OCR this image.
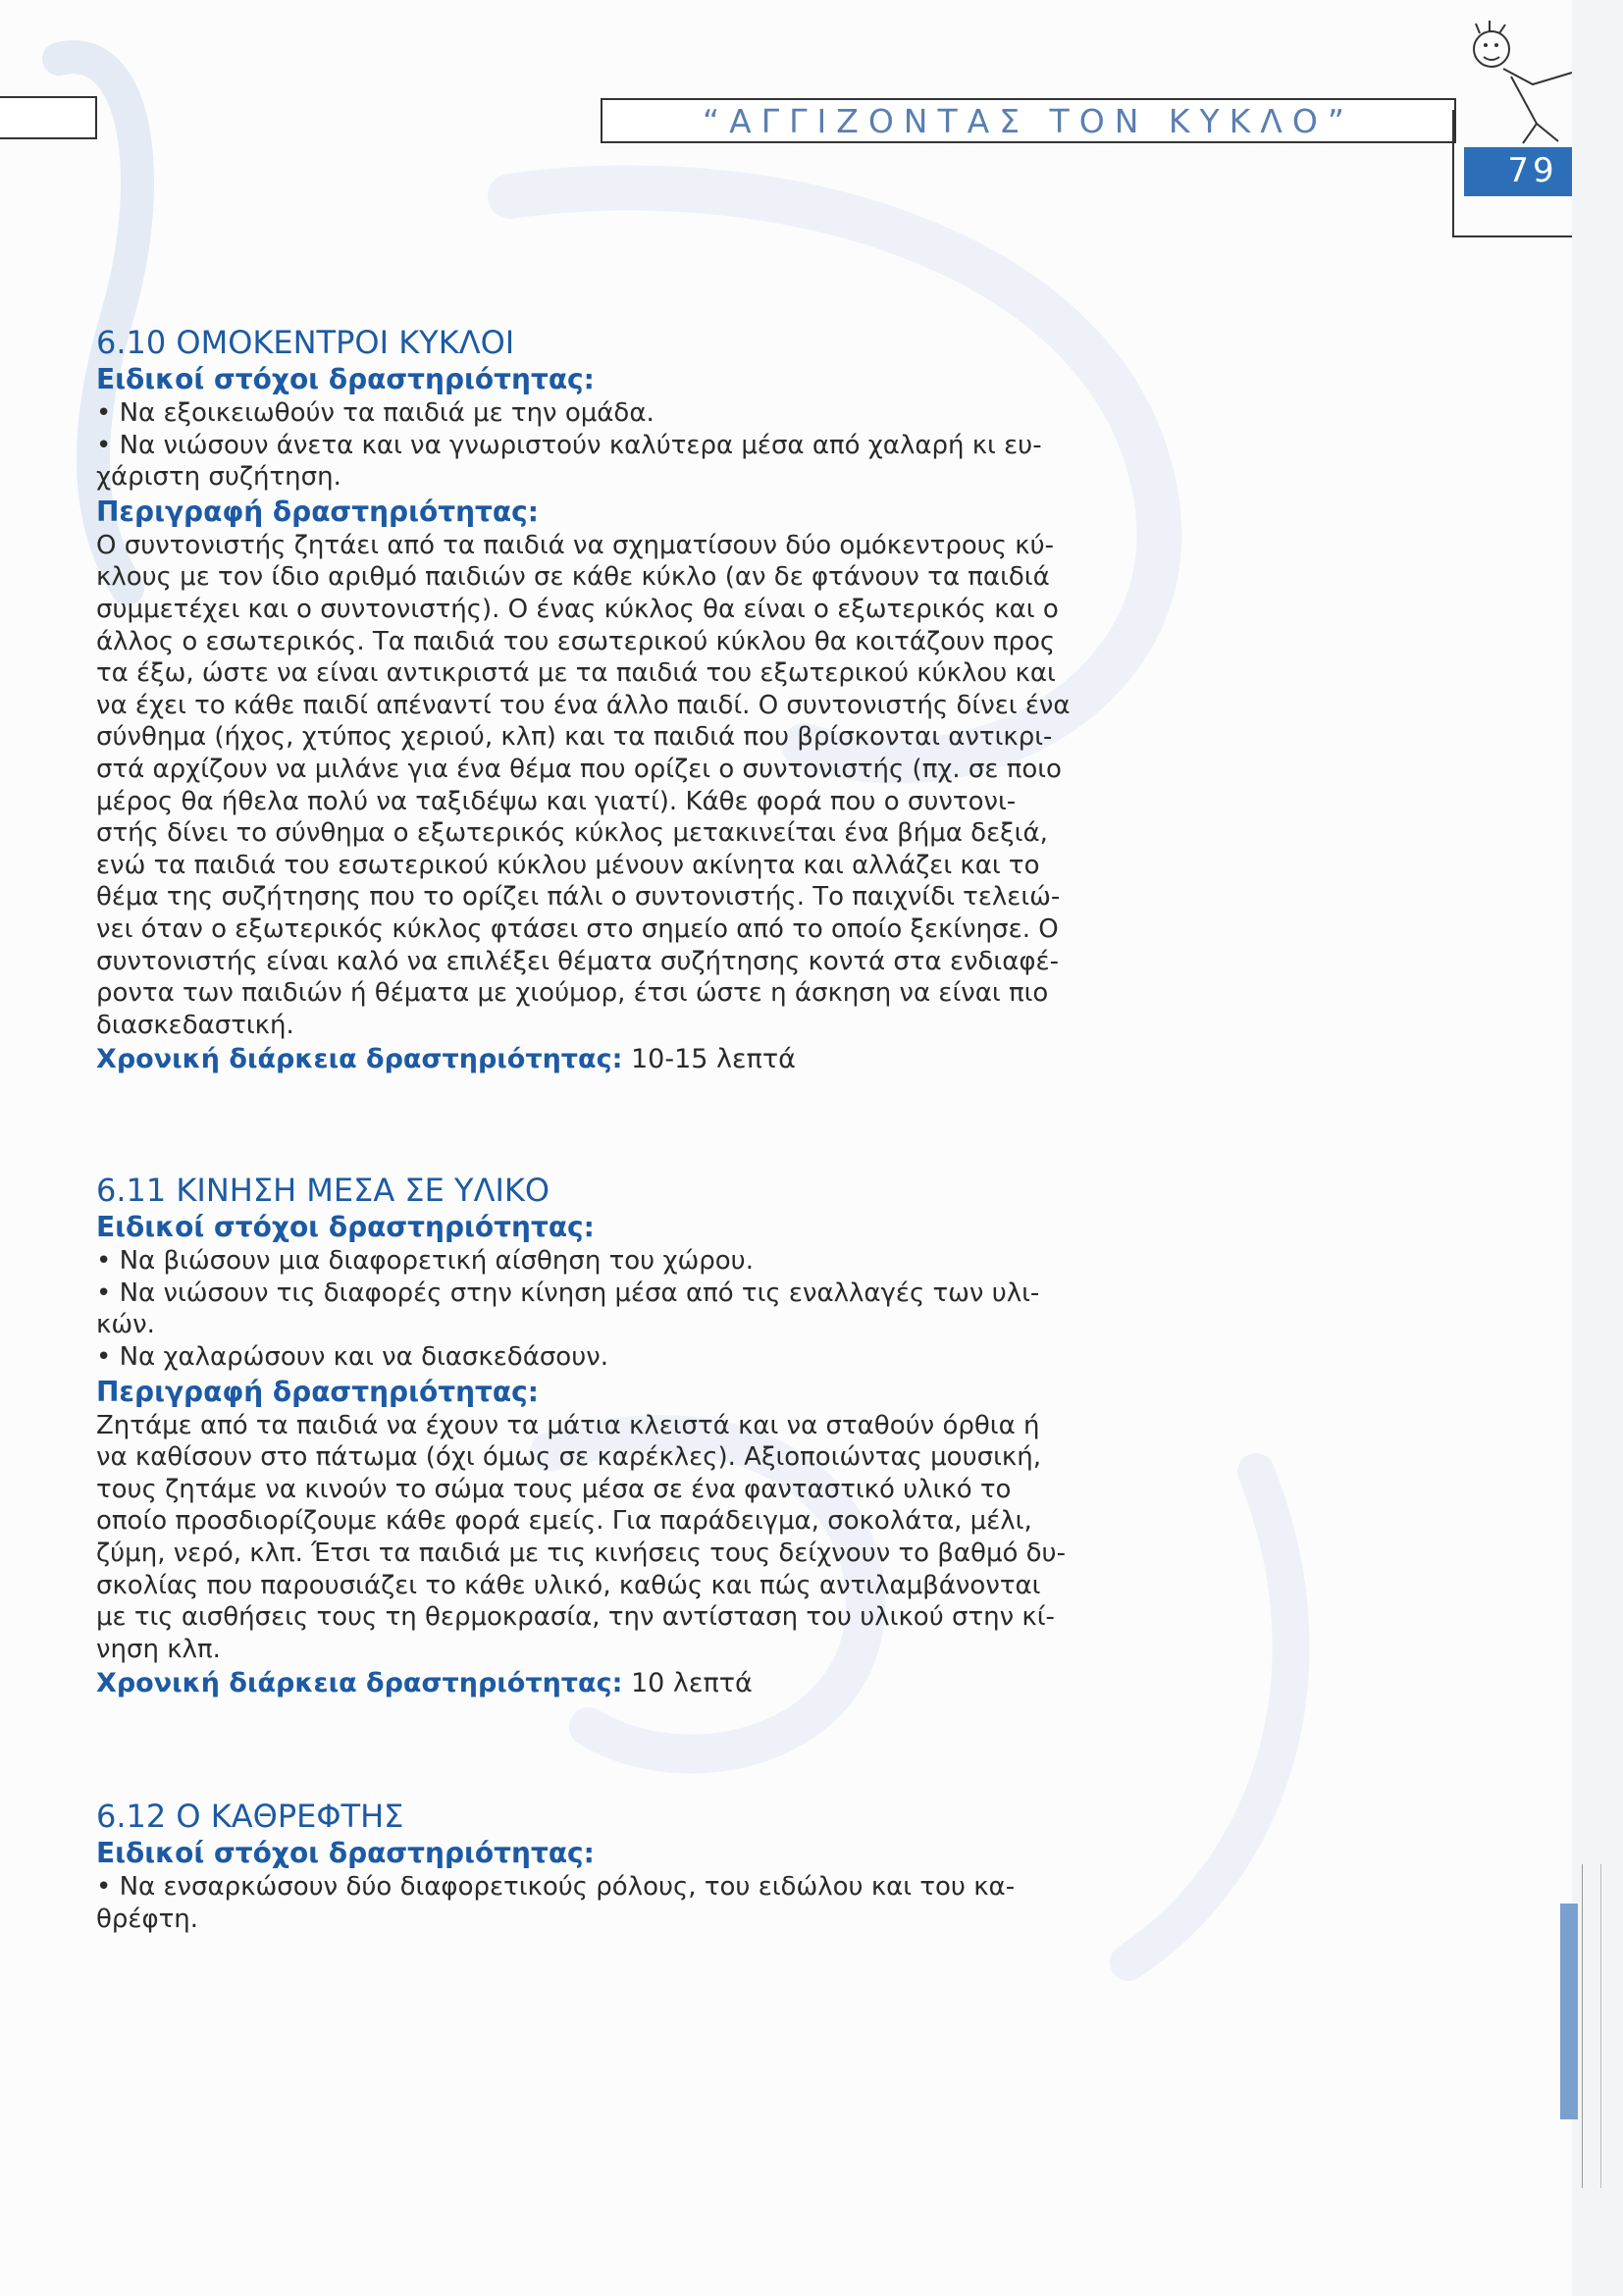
“ΑΓΓΙΖΟΝΤΑΣ ΤΟΝ ΚΥΚΛΟ”
79
6.10 ΟΜΟΚΕΝΤΡΟΙ ΚΥΚΛΟΙ
Ειδικοί στόχοι δραστηριότητας:
• Να εξοικειωθούν τα παιδιά με την ομάδα.
• Να νιώσουν άνετα και να γνωριστούν καλύτερα μέσα από χαλαρή κι ευ-
χάριστη συζήτηση.
Περιγραφή δραστηριότητας:
Ο συντονιστής ζητάει από τα παιδιά να σχηματίσουν δύο ομόκεντρους κύ-
κλους με τον ίδιο αριθμό παιδιών σε κάθε κύκλο (αν δε φτάνουν τα παιδιά
συμμετέχει και ο συντονιστής). Ο ένας κύκλος θα είναι ο εξωτερικός και ο
άλλος ο εσωτερικός. Τα παιδιά του εσωτερικού κύκλου θα κοιτάζουν προς
τα έξω, ώστε να είναι αντικριστά με τα παιδιά του εξωτερικού κύκλου και
να έχει το κάθε παιδί απέναντί του ένα άλλο παιδί. Ο συντονιστής δίνει ένα
σύνθημα (ήχος, χτύπος χεριού, κλπ) και τα παιδιά που βρίσκονται αντικρι-
στά αρχίζουν να μιλάνε για ένα θέμα που ορίζει ο συντονιστής (πχ. σε ποιο
μέρος θα ήθελα πολύ να ταξιδέψω και γιατί). Κάθε φορά που ο συντονι-
στής δίνει το σύνθημα ο εξωτερικός κύκλος μετακινείται ένα βήμα δεξιά,
ενώ τα παιδιά του εσωτερικού κύκλου μένουν ακίνητα και αλλάζει και το
θέμα της συζήτησης που το ορίζει πάλι ο συντονιστής. Το παιχνίδι τελειώ-
νει όταν ο εξωτερικός κύκλος φτάσει στο σημείο από το οποίο ξεκίνησε. Ο
συντονιστής είναι καλό να επιλέξει θέματα συζήτησης κοντά στα ενδιαφέ-
ροντα των παιδιών ή θέματα με χιούμορ, έτσι ώστε η άσκηση να είναι πιο
διασκεδαστική.
Χρονική διάρκεια δραστηριότητας: 10-15 λεπτά
6.11 ΚΙΝΗΣΗ ΜΕΣΑ ΣΕ ΥΛΙΚΟ
Ειδικοί στόχοι δραστηριότητας:
• Να βιώσουν μια διαφορετική αίσθηση του χώρου.
• Να νιώσουν τις διαφορές στην κίνηση μέσα από τις εναλλαγές των υλι-
κών.
• Να χαλαρώσουν και να διασκεδάσουν.
Περιγραφή δραστηριότητας:
Ζητάμε από τα παιδιά να έχουν τα μάτια κλειστά και να σταθούν όρθια ή
να καθίσουν στο πάτωμα (όχι όμως σε καρέκλες). Αξιοποιώντας μουσική,
τους ζητάμε να κινούν το σώμα τους μέσα σε ένα φανταστικό υλικό το
οποίο προσδιορίζουμε κάθε φορά εμείς. Για παράδειγμα, σοκολάτα, μέλι,
ζύμη, νερό, κλπ. Έτσι τα παιδιά με τις κινήσεις τους δείχνουν το βαθμό δυ-
σκολίας που παρουσιάζει το κάθε υλικό, καθώς και πώς αντιλαμβάνονται
με τις αισθήσεις τους τη θερμοκρασία, την αντίσταση του υλικού στην κί-
νηση κλπ.
Χρονική διάρκεια δραστηριότητας: 10 λεπτά
6.12 Ο ΚΑΘΡΕΦΤΗΣ
Ειδικοί στόχοι δραστηριότητας:
• Να ενσαρκώσουν δύο διαφορετικούς ρόλους, του ειδώλου και του κα-
θρέφτη.
